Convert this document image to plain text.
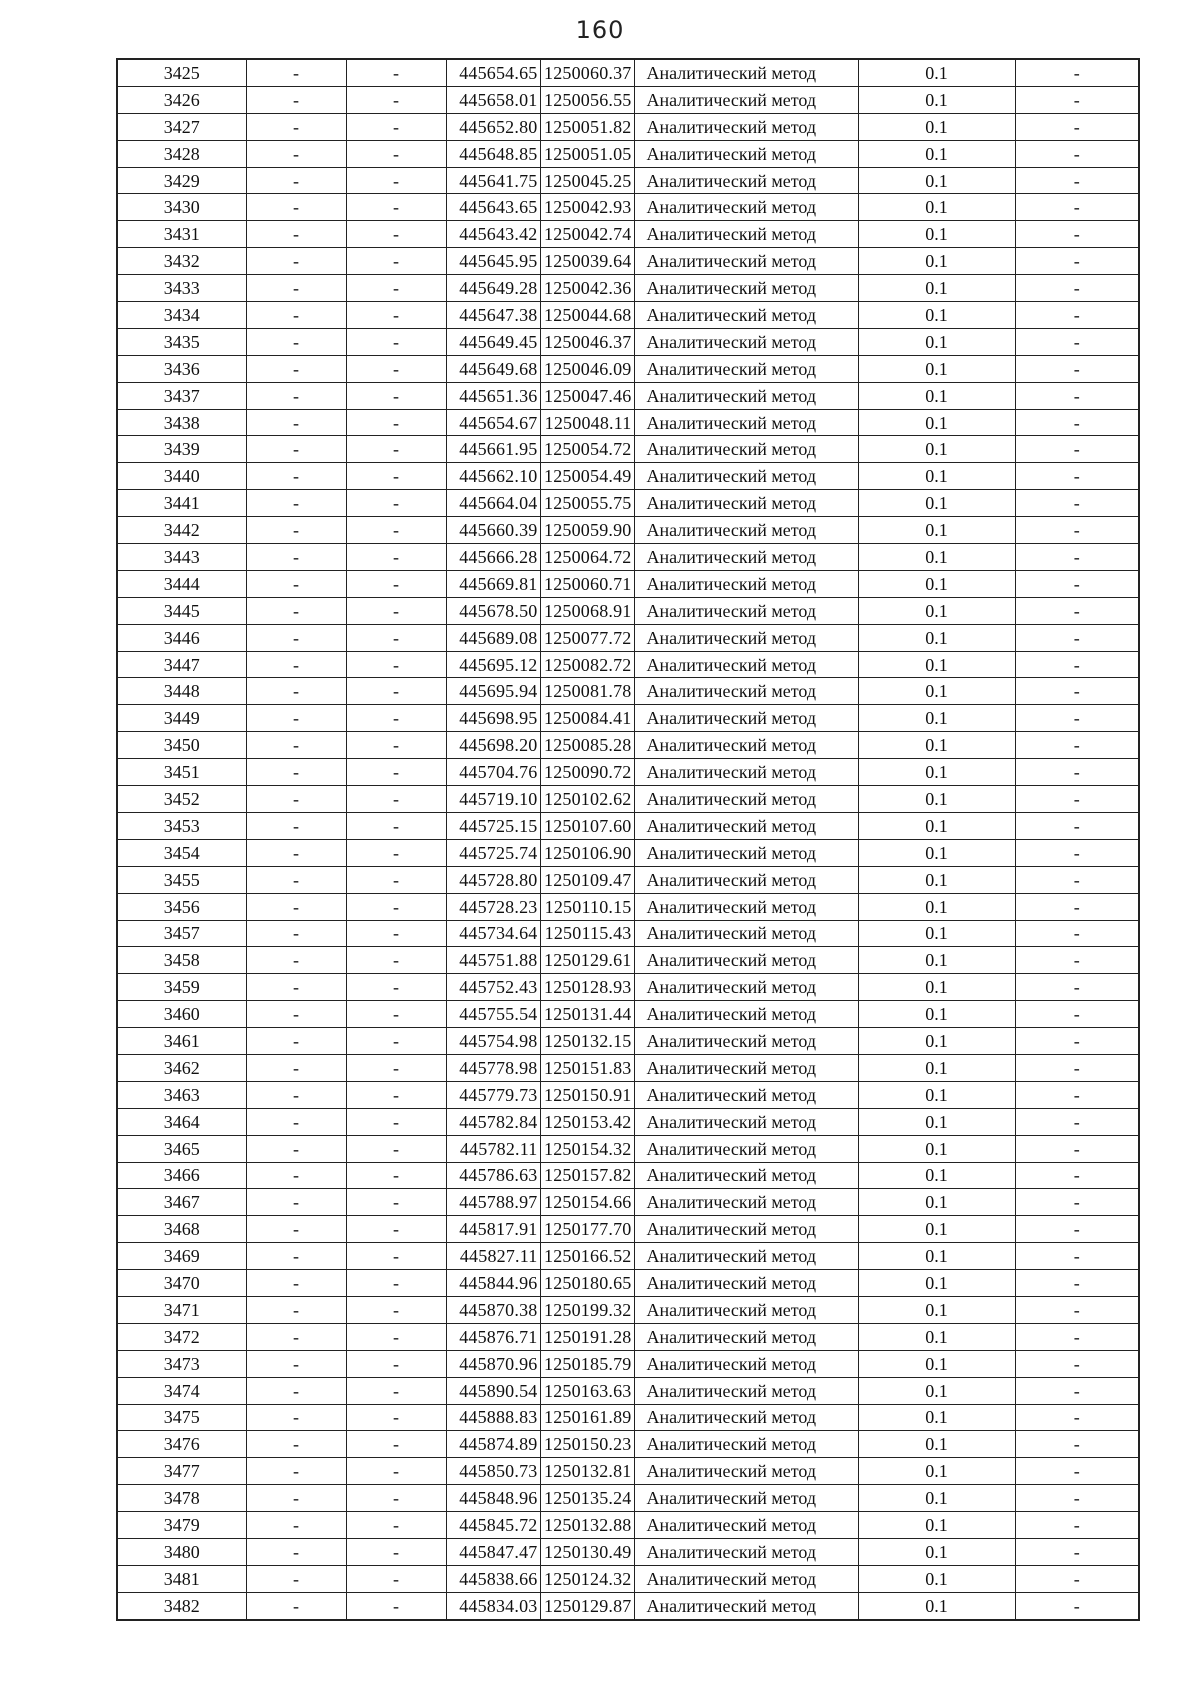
160
3425	-	-	445654.65	1250060.37	Аналитический метод	0.1	-
3426	-	-	445658.01	1250056.55	Аналитический метод	0.1	-
3427	-	-	445652.80	1250051.82	Аналитический метод	0.1	-
3428	-	-	445648.85	1250051.05	Аналитический метод	0.1	-
3429	-	-	445641.75	1250045.25	Аналитический метод	0.1	-
3430	-	-	445643.65	1250042.93	Аналитический метод	0.1	-
3431	-	-	445643.42	1250042.74	Аналитический метод	0.1	-
3432	-	-	445645.95	1250039.64	Аналитический метод	0.1	-
3433	-	-	445649.28	1250042.36	Аналитический метод	0.1	-
3434	-	-	445647.38	1250044.68	Аналитический метод	0.1	-
3435	-	-	445649.45	1250046.37	Аналитический метод	0.1	-
3436	-	-	445649.68	1250046.09	Аналитический метод	0.1	-
3437	-	-	445651.36	1250047.46	Аналитический метод	0.1	-
3438	-	-	445654.67	1250048.11	Аналитический метод	0.1	-
3439	-	-	445661.95	1250054.72	Аналитический метод	0.1	-
3440	-	-	445662.10	1250054.49	Аналитический метод	0.1	-
3441	-	-	445664.04	1250055.75	Аналитический метод	0.1	-
3442	-	-	445660.39	1250059.90	Аналитический метод	0.1	-
3443	-	-	445666.28	1250064.72	Аналитический метод	0.1	-
3444	-	-	445669.81	1250060.71	Аналитический метод	0.1	-
3445	-	-	445678.50	1250068.91	Аналитический метод	0.1	-
3446	-	-	445689.08	1250077.72	Аналитический метод	0.1	-
3447	-	-	445695.12	1250082.72	Аналитический метод	0.1	-
3448	-	-	445695.94	1250081.78	Аналитический метод	0.1	-
3449	-	-	445698.95	1250084.41	Аналитический метод	0.1	-
3450	-	-	445698.20	1250085.28	Аналитический метод	0.1	-
3451	-	-	445704.76	1250090.72	Аналитический метод	0.1	-
3452	-	-	445719.10	1250102.62	Аналитический метод	0.1	-
3453	-	-	445725.15	1250107.60	Аналитический метод	0.1	-
3454	-	-	445725.74	1250106.90	Аналитический метод	0.1	-
3455	-	-	445728.80	1250109.47	Аналитический метод	0.1	-
3456	-	-	445728.23	1250110.15	Аналитический метод	0.1	-
3457	-	-	445734.64	1250115.43	Аналитический метод	0.1	-
3458	-	-	445751.88	1250129.61	Аналитический метод	0.1	-
3459	-	-	445752.43	1250128.93	Аналитический метод	0.1	-
3460	-	-	445755.54	1250131.44	Аналитический метод	0.1	-
3461	-	-	445754.98	1250132.15	Аналитический метод	0.1	-
3462	-	-	445778.98	1250151.83	Аналитический метод	0.1	-
3463	-	-	445779.73	1250150.91	Аналитический метод	0.1	-
3464	-	-	445782.84	1250153.42	Аналитический метод	0.1	-
3465	-	-	445782.11	1250154.32	Аналитический метод	0.1	-
3466	-	-	445786.63	1250157.82	Аналитический метод	0.1	-
3467	-	-	445788.97	1250154.66	Аналитический метод	0.1	-
3468	-	-	445817.91	1250177.70	Аналитический метод	0.1	-
3469	-	-	445827.11	1250166.52	Аналитический метод	0.1	-
3470	-	-	445844.96	1250180.65	Аналитический метод	0.1	-
3471	-	-	445870.38	1250199.32	Аналитический метод	0.1	-
3472	-	-	445876.71	1250191.28	Аналитический метод	0.1	-
3473	-	-	445870.96	1250185.79	Аналитический метод	0.1	-
3474	-	-	445890.54	1250163.63	Аналитический метод	0.1	-
3475	-	-	445888.83	1250161.89	Аналитический метод	0.1	-
3476	-	-	445874.89	1250150.23	Аналитический метод	0.1	-
3477	-	-	445850.73	1250132.81	Аналитический метод	0.1	-
3478	-	-	445848.96	1250135.24	Аналитический метод	0.1	-
3479	-	-	445845.72	1250132.88	Аналитический метод	0.1	-
3480	-	-	445847.47	1250130.49	Аналитический метод	0.1	-
3481	-	-	445838.66	1250124.32	Аналитический метод	0.1	-
3482	-	-	445834.03	1250129.87	Аналитический метод	0.1	-
